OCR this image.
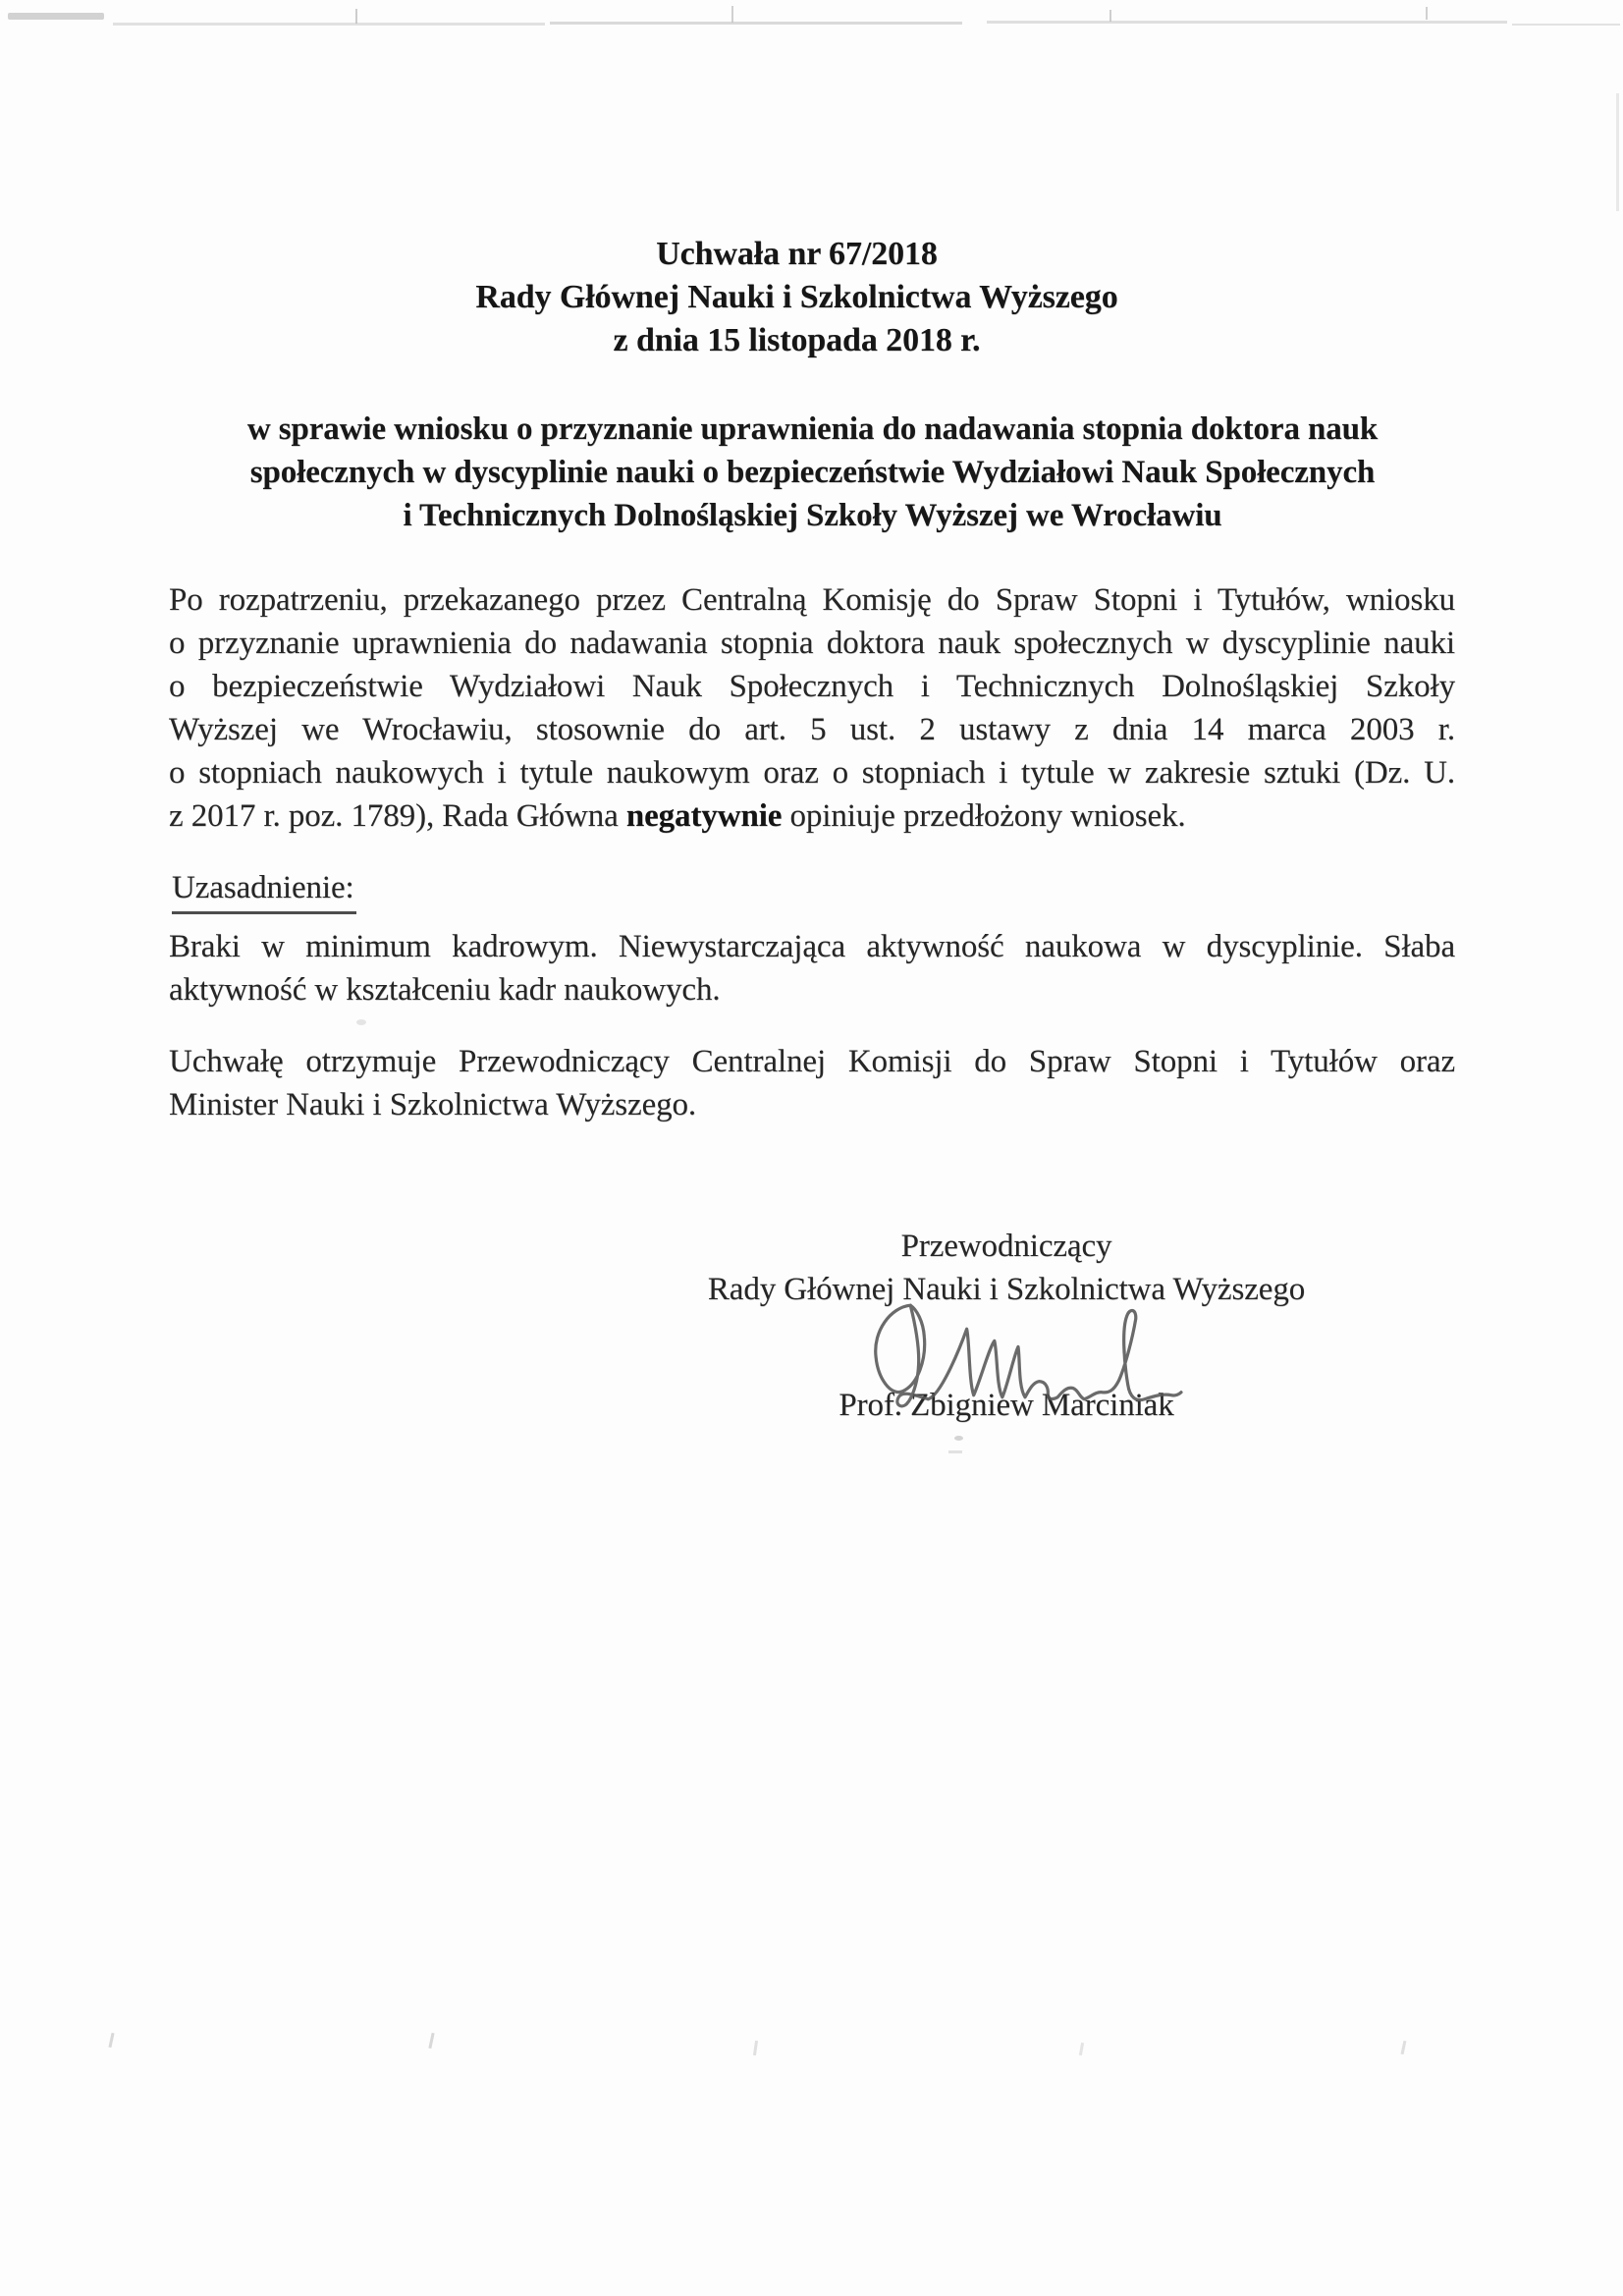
Uchwała nr 67/2018
Rady Głównej Nauki i Szkolnictwa Wyższego
z dnia 15 listopada 2018 r.
w sprawie wniosku o przyznanie uprawnienia do nadawania stopnia doktora nauk
społecznych w dyscyplinie nauki o bezpieczeństwie Wydziałowi Nauk Społecznych
i Technicznych Dolnośląskiej Szkoły Wyższej we Wrocławiu
Po rozpatrzeniu, przekazanego przez Centralną Komisję do Spraw Stopni i Tytułów, wniosku
o przyznanie uprawnienia do nadawania stopnia doktora nauk społecznych w dyscyplinie nauki
o bezpieczeństwie Wydziałowi Nauk Społecznych i Technicznych Dolnośląskiej Szkoły
Wyższej we Wrocławiu, stosownie do art. 5 ust. 2 ustawy z dnia 14 marca 2003 r.
o stopniach naukowych i tytule naukowym oraz o stopniach i tytule w zakresie sztuki (Dz. U.
z 2017 r. poz. 1789), Rada Główna negatywnie opiniuje przedłożony wniosek.
Uzasadnienie:
Braki w minimum kadrowym. Niewystarczająca aktywność naukowa w dyscyplinie. Słaba
aktywność w kształceniu kadr naukowych.
Uchwałę otrzymuje Przewodniczący Centralnej Komisji do Spraw Stopni i Tytułów oraz
Minister Nauki i Szkolnictwa Wyższego.
Przewodniczący
Rady Głównej Nauki i Szkolnictwa Wyższego
Prof. Zbigniew Marciniak
